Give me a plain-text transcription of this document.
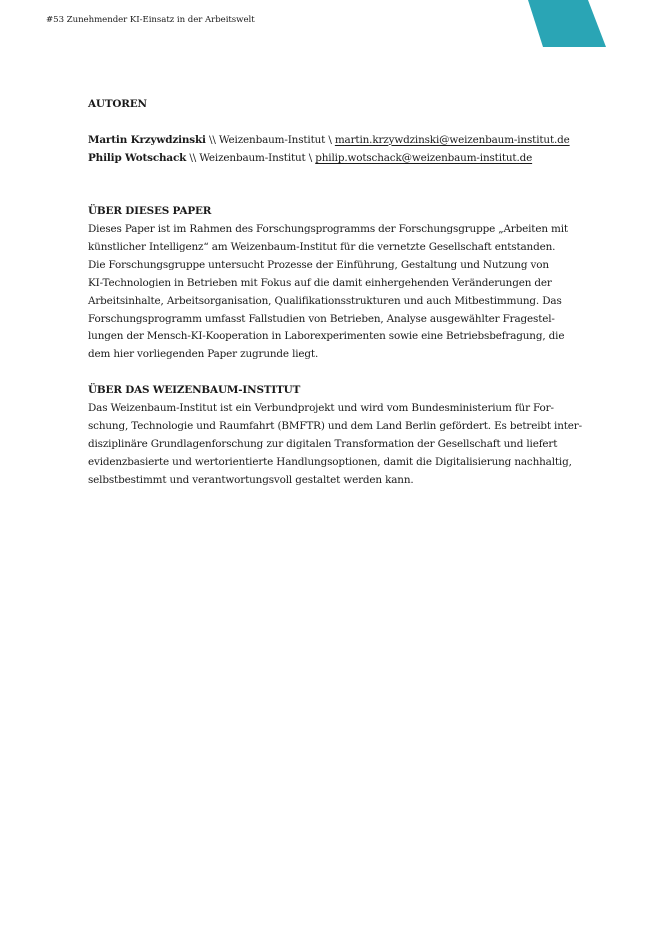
#53 Zunehmender KI-Einsatz in der Arbeitswelt
AUTOREN
Martin Krzywdzinski \\ Weizenbaum-Institut \ martin.krzywdzinski@weizenbaum-institut.de
Philip Wotschack \\ Weizenbaum-Institut \ philip.wotschack@weizenbaum-institut.de
ÜBER DIESES PAPER
Dieses Paper ist im Rahmen des Forschungsprogramms der Forschungsgruppe „Arbeiten mit
künstlicher Intelligenz“ am Weizenbaum-Institut für die vernetzte Gesellschaft entstanden.
Die Forschungsgruppe untersucht Prozesse der Einführung, Gestaltung und Nutzung von
KI-Technologien in Betrieben mit Fokus auf die damit einhergehenden Veränderungen der
Arbeitsinhalte, Arbeitsorganisation, Qualifikationsstrukturen und auch Mitbestimmung. Das
Forschungsprogramm umfasst Fallstudien von Betrieben, Analyse ausgewählter Fragestel-
lungen der Mensch-KI-Kooperation in Laborexperimenten sowie eine Betriebsbefragung, die
dem hier vorliegenden Paper zugrunde liegt.
ÜBER DAS WEIZENBAUM-INSTITUT
Das Weizenbaum-Institut ist ein Verbundprojekt und wird vom Bundesministerium für For-
schung, Technologie und Raumfahrt (BMFTR) und dem Land Berlin gefördert. Es betreibt inter-
disziplinäre Grundlagenforschung zur digitalen Transformation der Gesellschaft und liefert
evidenzbasierte und wertorientierte Handlungsoptionen, damit die Digitalisierung nachhaltig,
selbstbestimmt und verantwortungsvoll gestaltet werden kann.
